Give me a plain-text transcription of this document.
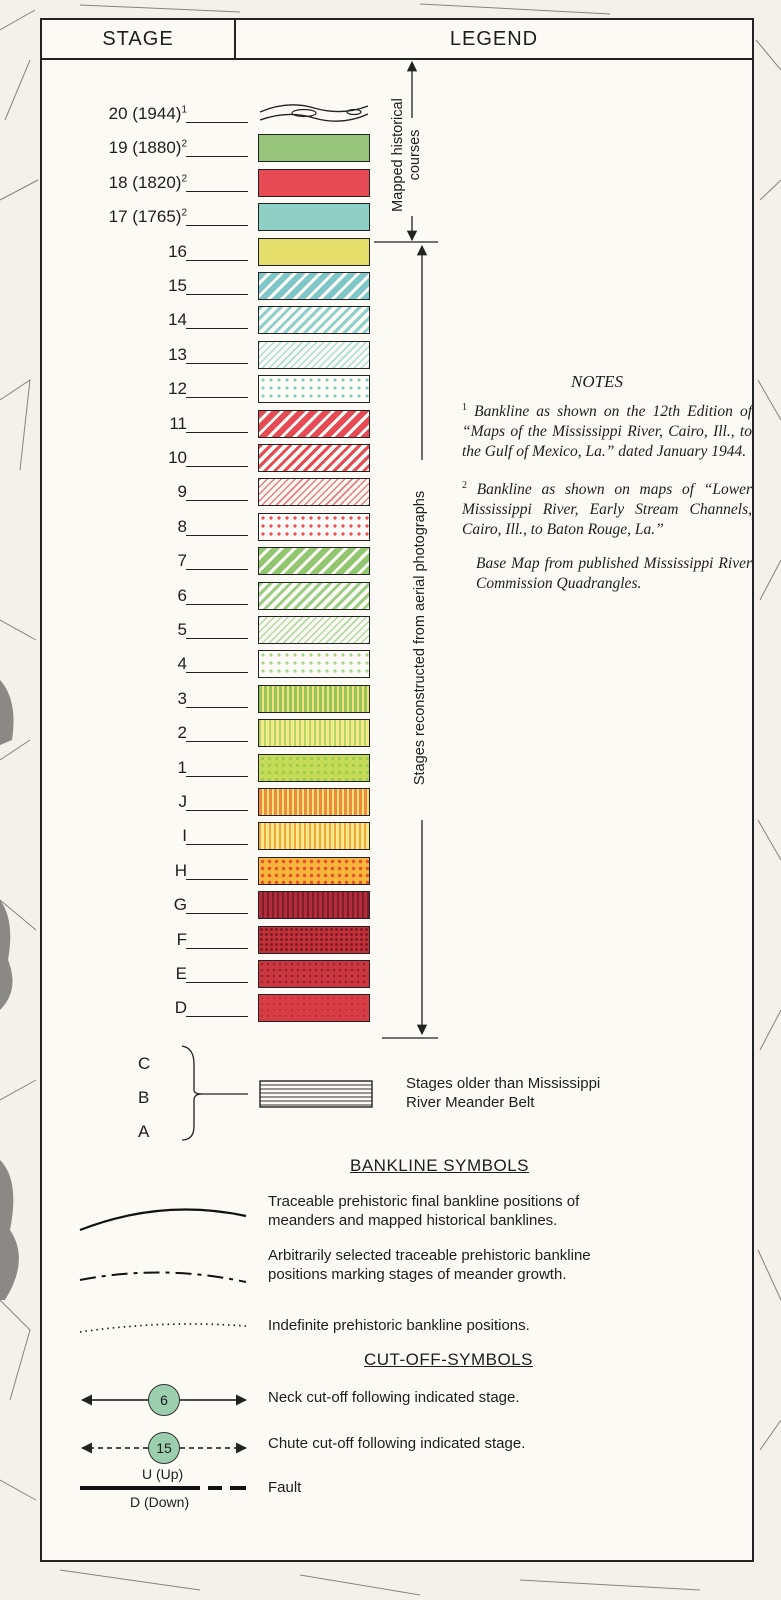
STAGE	LEGEND
20 $(1944)^1$
19 $(1880)^2$
18 $(1820)^2$
17 $(1765)^2$
16
15
14
13
12
11
10
9
8
7
6
5
4
3
2
1
J
I
H
G
F
E
D
Mapped historical courses
Stages reconstructed from aerial photographs
C
B
A
Stages older than Mississippi
River Meander Belt
NOTES

$^1$ Bankline as shown on the 12th Edition of “Maps of the Mississippi River, Cairo, Ill., to the Gulf of Mexico, La.” dated January 1944.

$^2$ Bankline as shown on maps of “Lower Mississippi River, Early Stream Channels, Cairo, Ill., to Baton Rouge, La.”

Base Map from published Mississippi River Commission Quadrangles.

BANKLINE SYMBOLS
Traceable prehistoric final bankline positions of
meanders and mapped historical banklines.
Arbitrarily selected traceable prehistoric bankline
positions marking stages of meander growth.
Indefinite prehistoric bankline positions.
CUT-OFF-SYMBOLS
6	Neck cut-off following indicated stage.
15	Chute cut-off following indicated stage.
U (Up)
D (Down)
Fault
